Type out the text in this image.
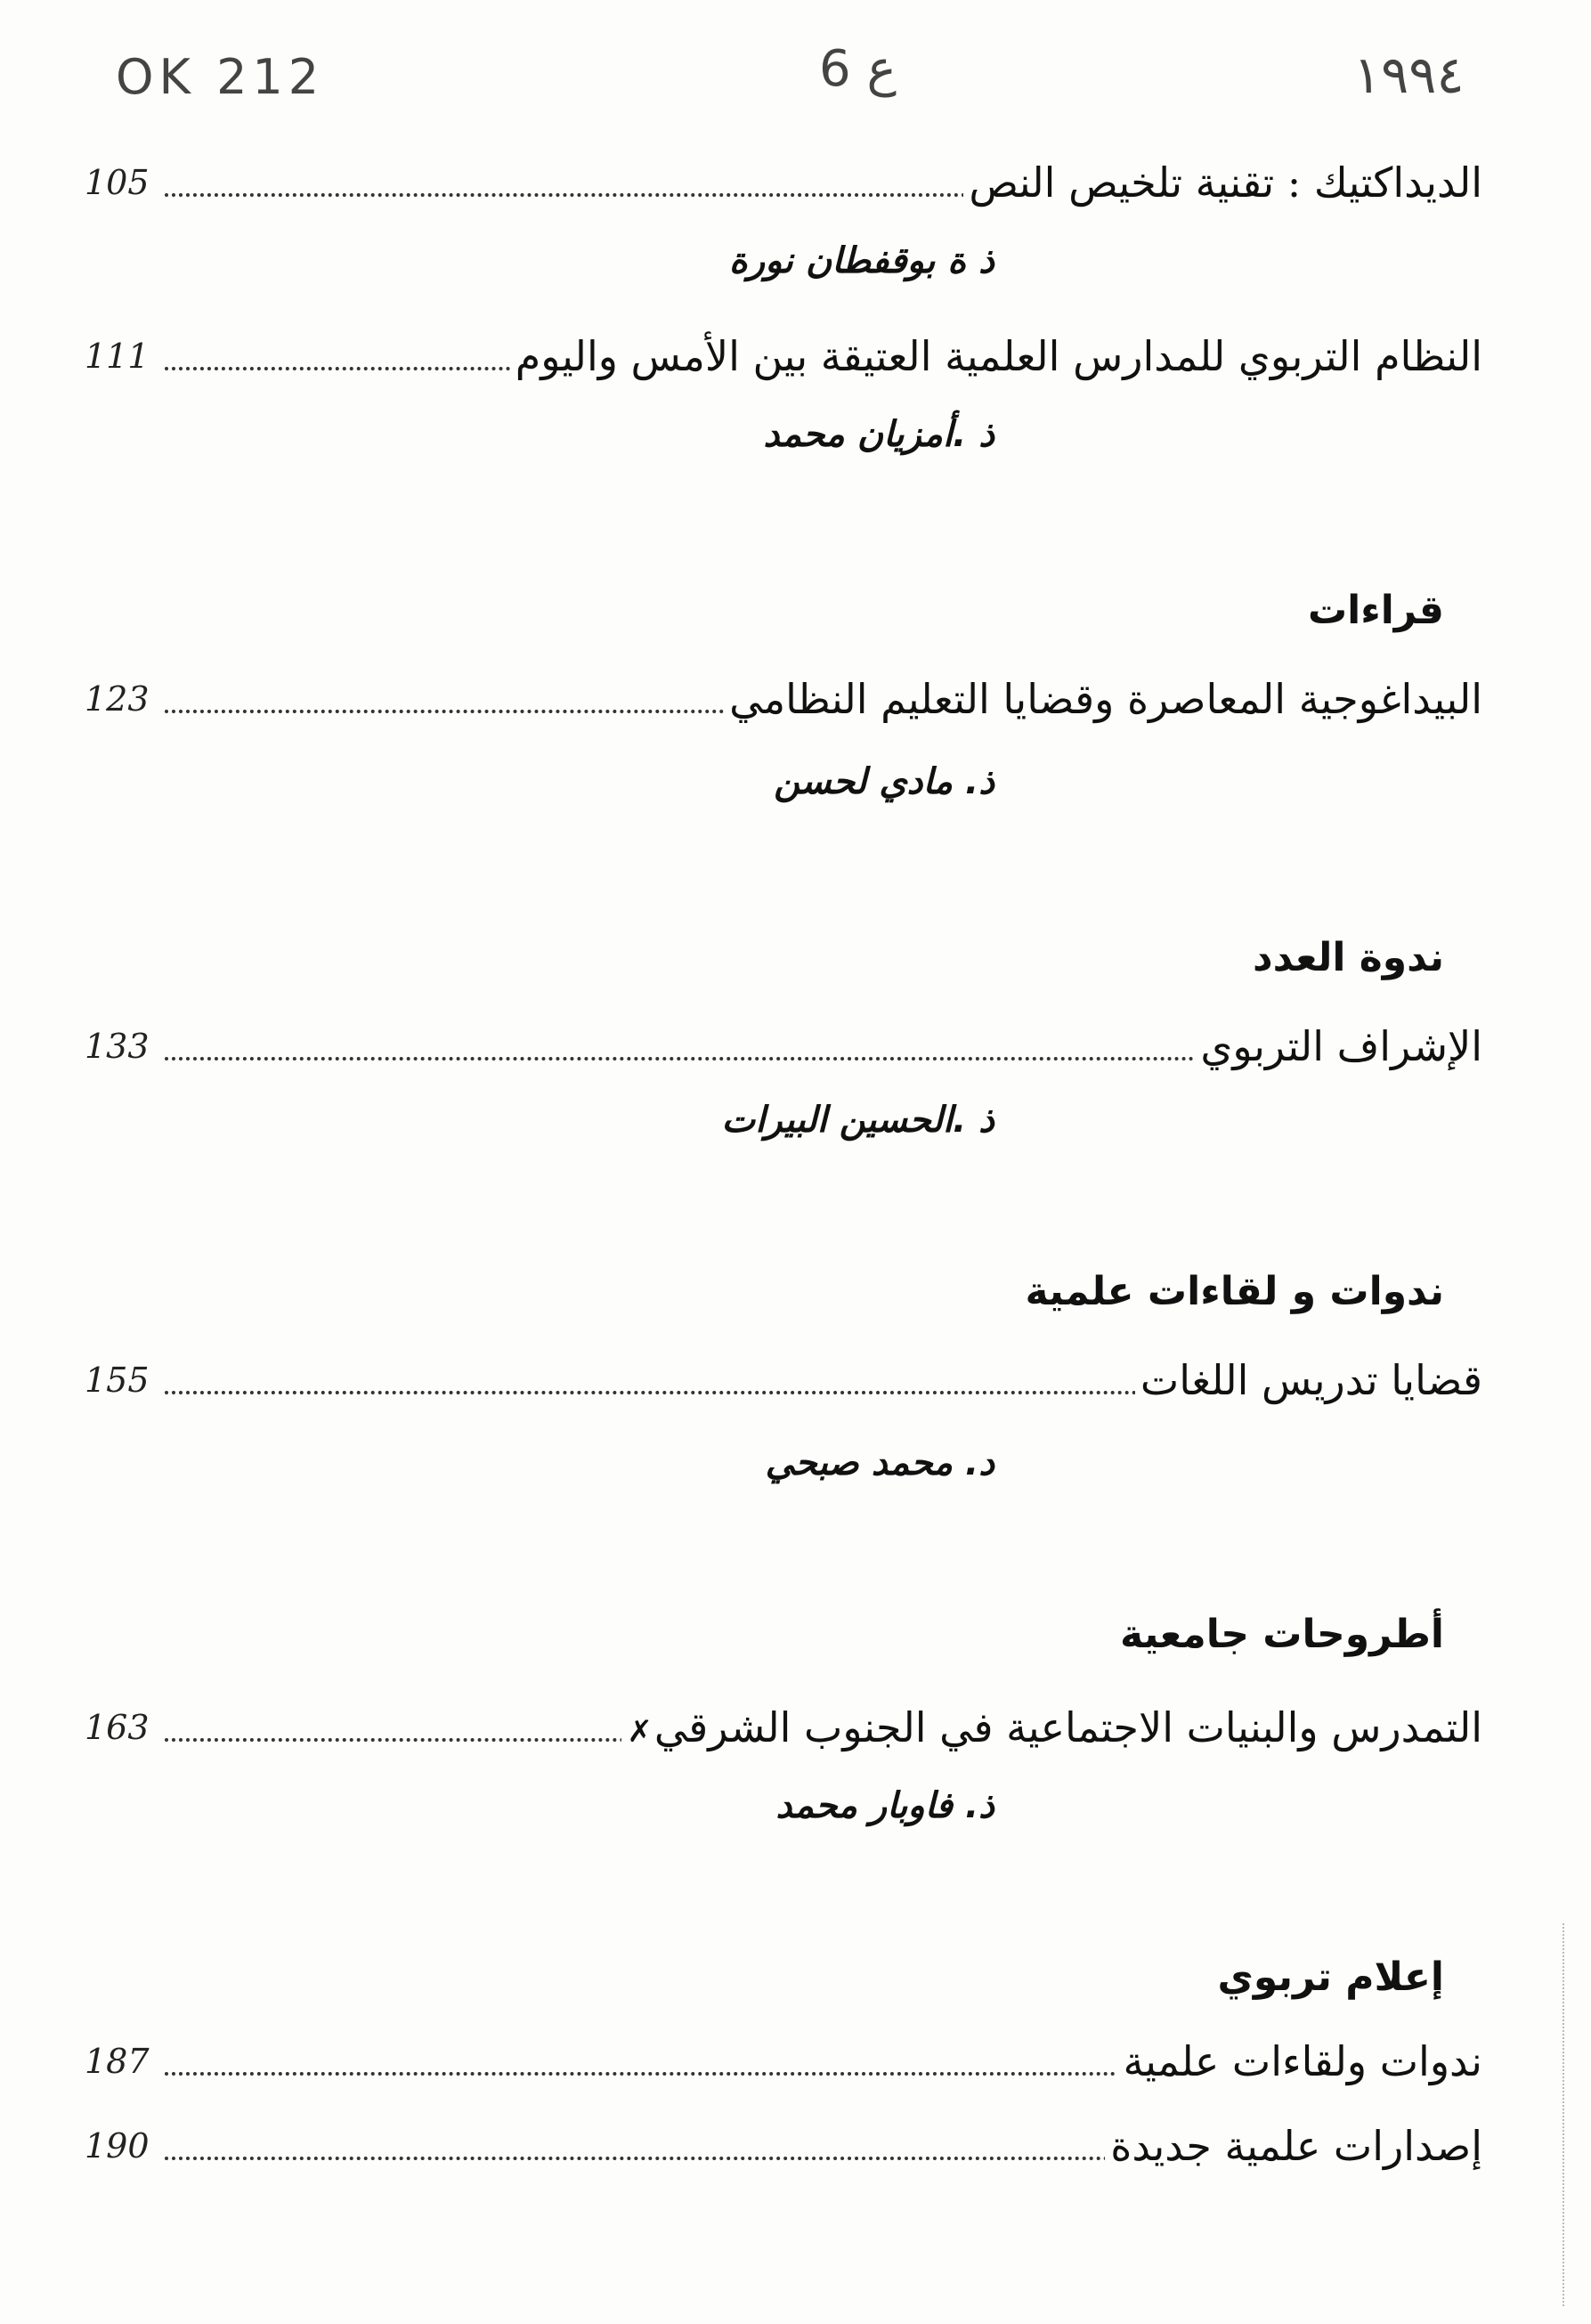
OK 212	6 ع	١٩٩٤
الديداكتيك : تقنية تلخيص النص
105
ذ ة بوقفطان نورة
النظام التربوي للمدارس العلمية العتيقة بين الأمس واليوم
111
ذ .أمزيان محمد
قراءات
البيداغوجية المعاصرة وقضايا التعليم النظامي
123
ذ. مادي لحسن
ندوة العدد
الإشراف التربوي
133
ذ .الحسين البيرات
ندوات و لقاءات علمية
قضايا تدريس اللغات
155
د. محمد صبحي
أطروحات جامعية
التمدرس والبنيات الاجتماعية في الجنوب الشرقي✗
163
ذ. فاوبار محمد
إعلام تربوي
ندوات ولقاءات علمية
187
إصدارات علمية جديدة
190
